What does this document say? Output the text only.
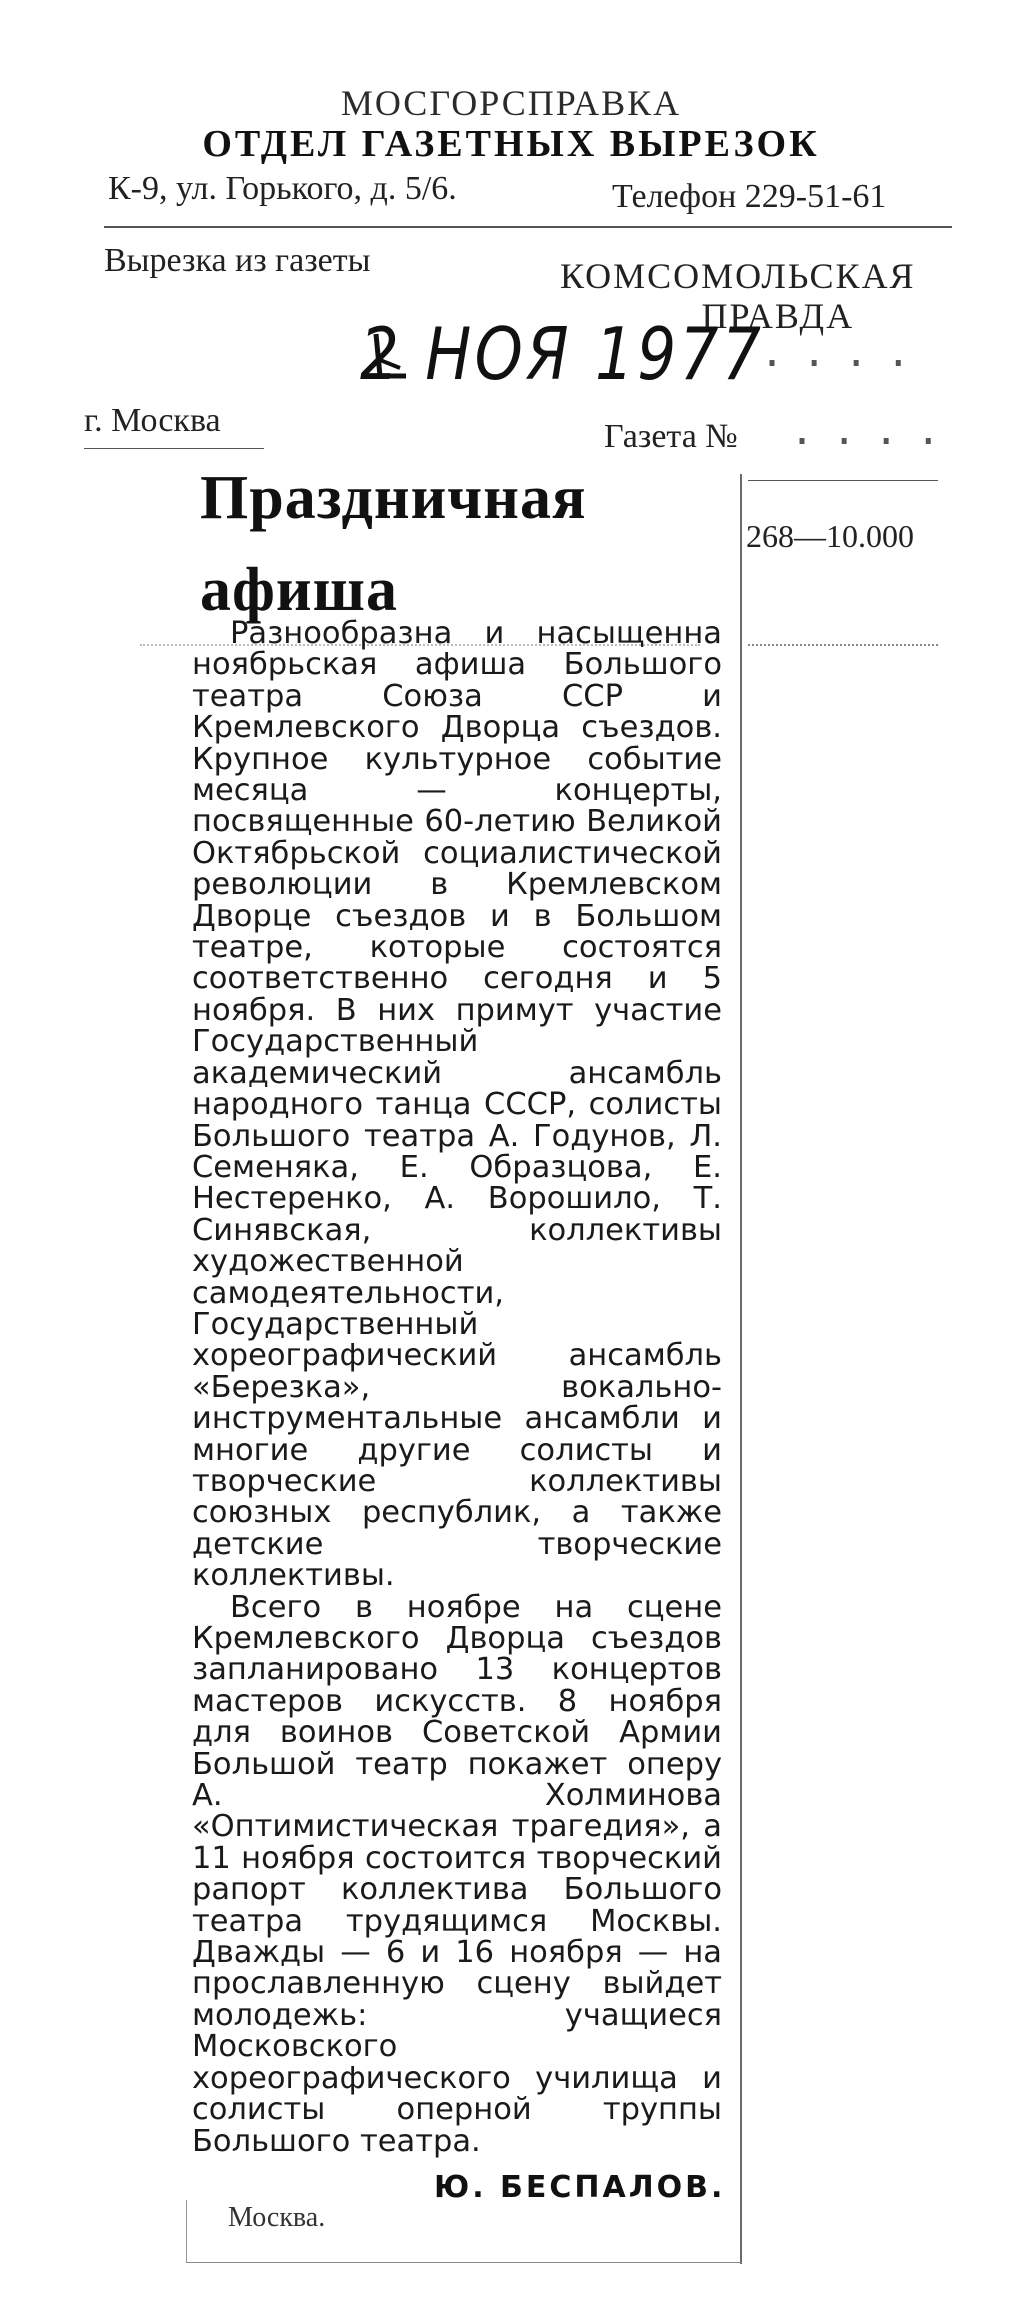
МОСГОРСПРАВКА
ОТДЕЛ ГАЗЕТНЫХ ВЫРЕЗОК
К-9, ул. Горького, д. 5/6.	Телефон 229-51-61
Вырезка из газеты	КОМСОМОЛЬСКАЯ
ПРАВДА
2 НОЯ 1977
....
г. Москва	Газета № ....
268—10.000
Праздничная
афиша

Разнообразна и насыщенна ноябрьская афиша Большого театра Союза ССР и Кремлевского Дворца съездов. Крупное культурное событие месяца — концерты, посвященные 60-летию Великой Октябрьской социалистической революции в Кремлевском Дворце съездов и в Большом театре, которые состоятся соответственно сегодня и 5 ноября. В них примут участие Государственный академический ансамбль народного танца СССР, солисты Большого театра А. Годунов, Л. Семеняка, Е. Образцова, Е. Нестеренко, А. Ворошило, Т. Синявская, коллективы художественной самодеятельности, Государственный хореографический ансамбль «Березка», вокально-инструментальные ансамбли и многие другие солисты и творческие коллективы союзных республик, а также детские творческие коллективы.

Всего в ноябре на сцене Кремлевского Дворца съездов запланировано 13 концертов мастеров искусств. 8 ноября для воинов Советской Армии Большой театр покажет оперу А. Холминова «Оптимистическая трагедия», а 11 ноября состоится творческий рапорт коллектива Большого театра трудящимся Москвы. Дважды — 6 и 16 ноября — на прославленную сцену выйдет молодежь: учащиеся Московского хореографического училища и солисты оперной труппы Большого театра.

Ю. БЕСПАЛОВ.
Москва.
